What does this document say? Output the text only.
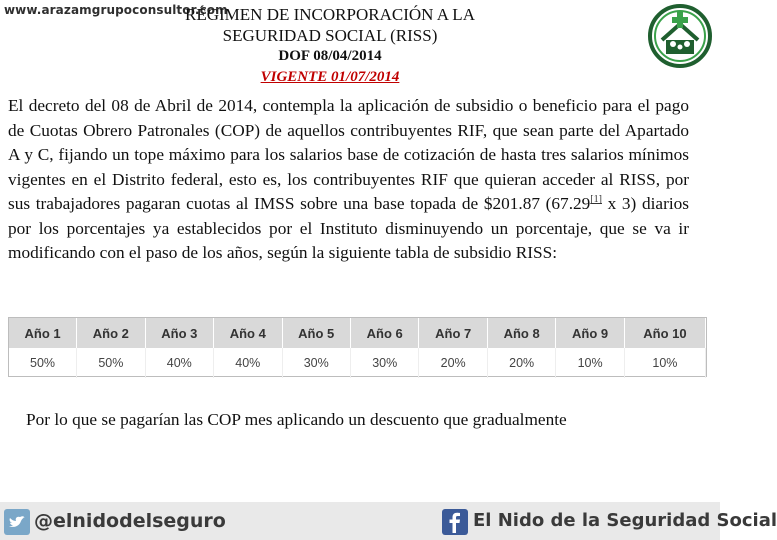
www.arazamgrupoconsultor.com
RÉGIMEN DE INCORPORACIÓN A LA
SEGURIDAD SOCIAL (RISS)
DOF 08/04/2014
VIGENTE 01/07/2014
El decreto del 08 de Abril de 2014, contempla la aplicación de subsidio o beneficio para el pago de Cuotas Obrero Patronales (COP) de aquellos contribuyentes RIF, que sean parte del Apartado A y C, fijando un tope máximo para los salarios base de cotización de hasta tres salarios mínimos vigentes en el Distrito federal, esto es, los contribuyentes RIF que quieran acceder al RISS, por sus trabajadores pagaran cuotas al IMSS sobre una base topada de $201.87 (67.29[1] x 3) diarios por los porcentajes ya establecidos por el Instituto disminuyendo un porcentaje, que se va ir modificando con el paso de los años, según la siguiente tabla de subsidio RISS:
Año 1	Año 2	Año 3	Año 4	Año 5	Año 6	Año 7	Año 8	Año 9	Año 10
50%	50%	40%	40%	30%	30%	20%	20%	10%	10%
Por lo que se pagarían las COP mes aplicando un descuento que gradualmente
@elnidodelseguro	El Nido de la Seguridad Social
